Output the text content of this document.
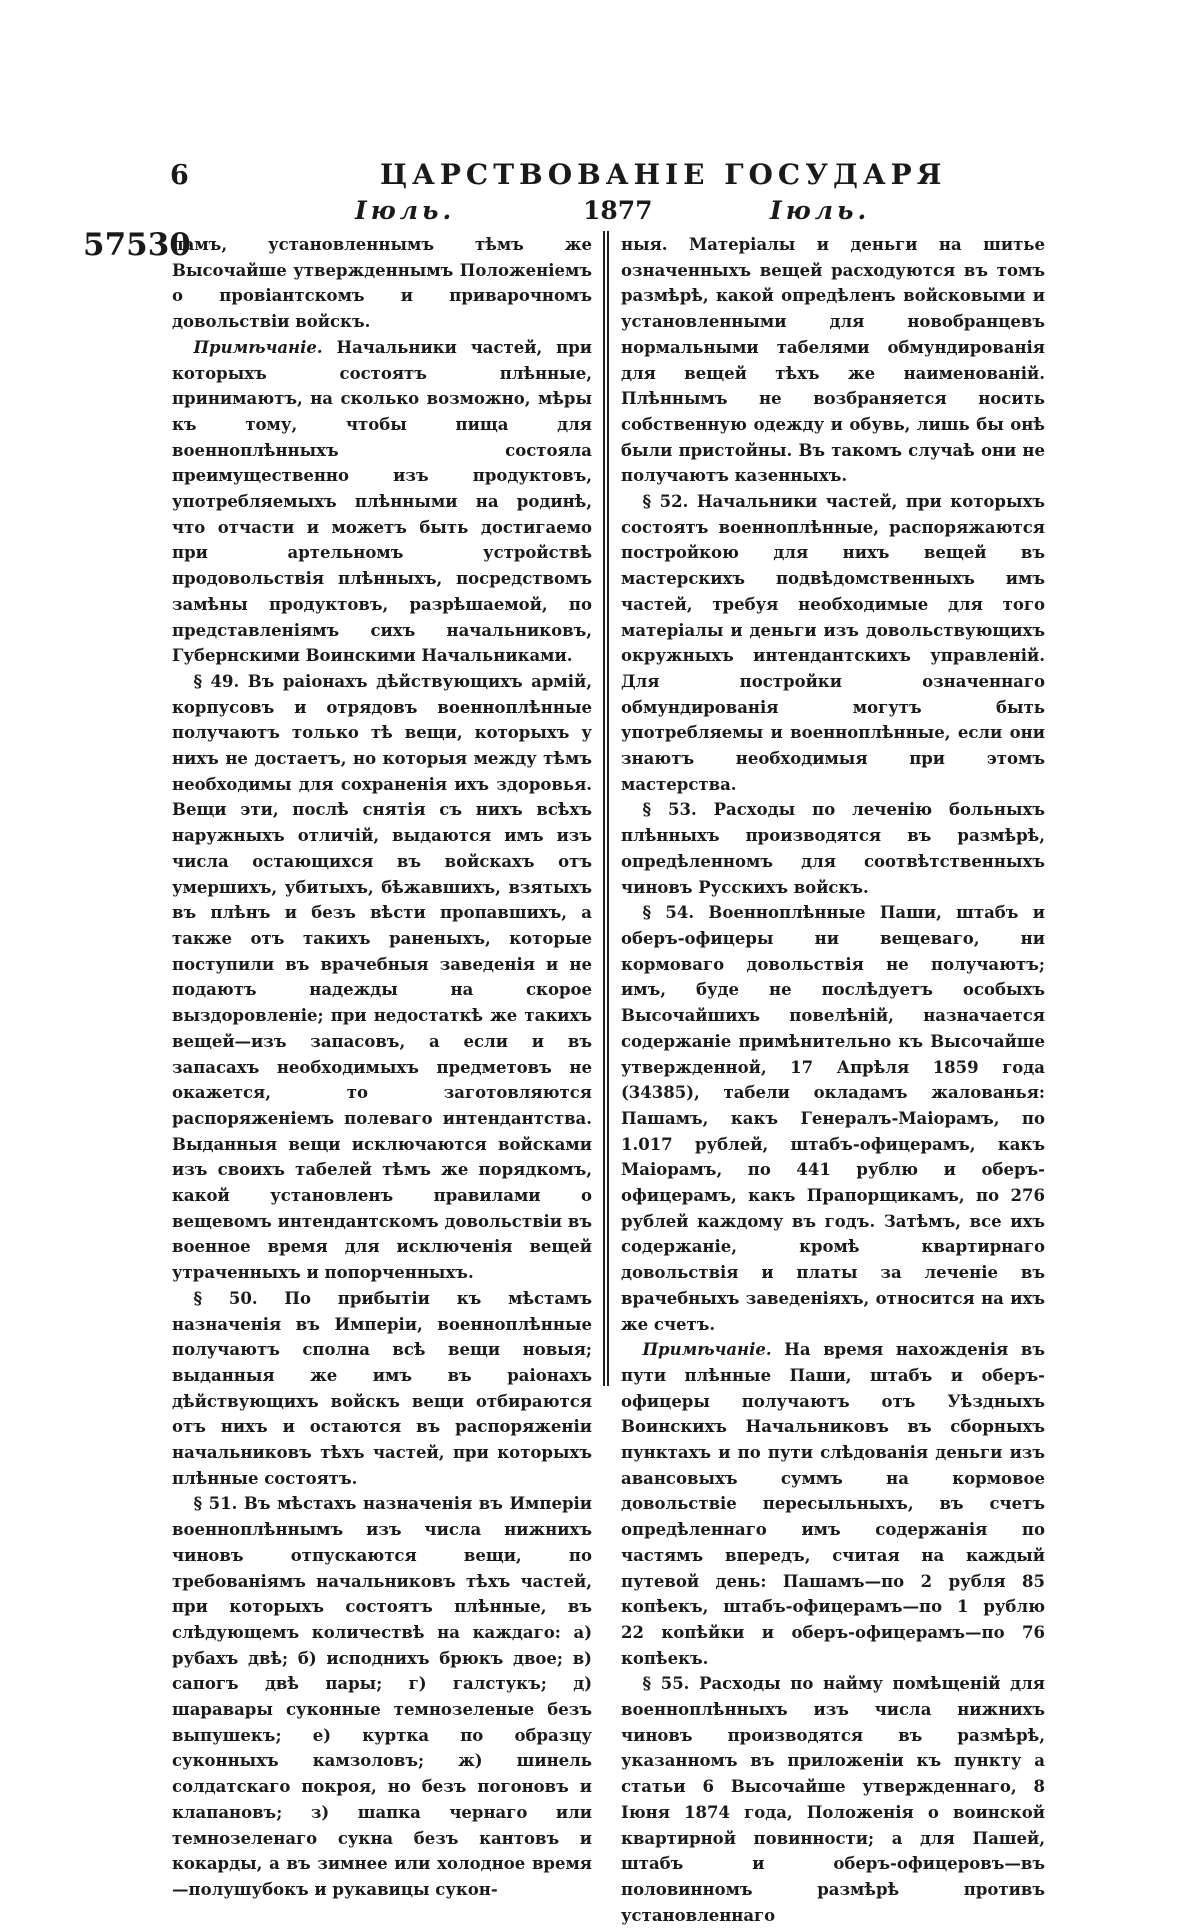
6	ЦАРСТВОВАНІЕ ГОСУДАРЯ
Іюль.	1877	Іюль.
57530

ламъ, установленнымъ тѣмъ же Высочайше утвержденнымъ Положеніемъ о провіантскомъ и приварочномъ довольствіи войскъ.

Примѣчаніе. Начальники частей, при которыхъ состоятъ плѣнные, принимаютъ, на сколько возможно, мѣры къ тому, чтобы пища для военноплѣнныхъ состояла преимущественно изъ продуктовъ, употребляемыхъ плѣнными на родинѣ, что отчасти и можетъ быть достигаемо при артельномъ устройствѣ продовольствія плѣнныхъ, посредствомъ замѣны продуктовъ, разрѣшаемой, по представленіямъ сихъ начальниковъ, Губернскими Воинскими Начальниками.

§ 49. Въ раіонахъ дѣйствующихъ армій, корпусовъ и отрядовъ военноплѣнные получаютъ только тѣ вещи, которыхъ у нихъ не достаетъ, но которыя между тѣмъ необходимы для сохраненія ихъ здоровья. Вещи эти, послѣ снятія съ нихъ всѣхъ наружныхъ отличій, выдаются имъ изъ числа остающихся въ войскахъ отъ умершихъ, убитыхъ, бѣжавшихъ, взятыхъ въ плѣнъ и безъ вѣсти пропавшихъ, а также отъ такихъ раненыхъ, которые поступили въ врачебныя заведенія и не подаютъ надежды на скорое выздоровленіе; при недостаткѣ же такихъ вещей—изъ запасовъ, а если и въ запасахъ необходимыхъ предметовъ не окажется, то заготовляются распоряженіемъ полеваго интендантства. Выданныя вещи исключаются войсками изъ своихъ табелей тѣмъ же порядкомъ, какой установленъ правилами о вещевомъ интендантскомъ довольствіи въ военное время для исключенія вещей утраченныхъ и попорченныхъ.

§ 50. По прибытіи къ мѣстамъ назначенія въ Имперіи, военноплѣнные получаютъ сполна всѣ вещи новыя; выданныя же имъ въ раіонахъ дѣйствующихъ войскъ вещи отбираются отъ нихъ и остаются въ распоряженіи начальниковъ тѣхъ частей, при которыхъ плѣнные состоятъ.

§ 51. Въ мѣстахъ назначенія въ Имперіи военноплѣннымъ изъ числа нижнихъ чиновъ отпускаются вещи, по требованіямъ начальниковъ тѣхъ частей, при которыхъ состоятъ плѣнные, въ слѣдующемъ количествѣ на каждаго: а) рубахъ двѣ; б) исподнихъ брюкъ двое; в) сапогъ двѣ пары; г) галстукъ; д) шаравары суконные темнозеленые безъ выпушекъ; е) куртка по образцу суконныхъ камзоловъ; ж) шинель солдатскаго покроя, но безъ погоновъ и клапановъ; з) шапка чернаго или темнозеленаго сукна безъ кантовъ и кокарды, а въ зимнее или холодное время—полушубокъ и рукавицы сукон-

ныя. Матеріалы и деньги на шитье означенныхъ вещей расходуются въ томъ размѣрѣ, какой опредѣленъ войсковыми и установленными для новобранцевъ нормальными табелями обмундированія для вещей тѣхъ же наименованій. Плѣннымъ не возбраняется носить собственную одежду и обувь, лишь бы онѣ были пристойны. Въ такомъ случаѣ они не получаютъ казенныхъ.

§ 52. Начальники частей, при которыхъ состоятъ военноплѣнные, распоряжаются постройкою для нихъ вещей въ мастерскихъ подвѣдомственныхъ имъ частей, требуя необходимые для того матеріалы и деньги изъ довольствующихъ окружныхъ интендантскихъ управленій. Для постройки означеннаго обмундированія могутъ быть употребляемы и военноплѣнные, если они знаютъ необходимыя при этомъ мастерства.

§ 53. Расходы по леченію больныхъ плѣнныхъ производятся въ размѣрѣ, опредѣленномъ для соотвѣтственныхъ чиновъ Русскихъ войскъ.

§ 54. Военноплѣнные Паши, штабъ и оберъ-офицеры ни вещеваго, ни кормоваго довольствія не получаютъ; имъ, буде не послѣдуетъ особыхъ Высочайшихъ повелѣній, назначается содержаніе примѣнительно къ Высочайше утвержденной, 17 Апрѣля 1859 года (34385), табели окладамъ жалованья: Пашамъ, какъ Генералъ-Маіорамъ, по 1.017 рублей, штабъ-офицерамъ, какъ Маіорамъ, по 441 рублю и оберъ-офицерамъ, какъ Прапорщикамъ, по 276 рублей каждому въ годъ. Затѣмъ, все ихъ содержаніе, кромѣ квартирнаго довольствія и платы за леченіе въ врачебныхъ заведеніяхъ, относится на ихъ же счетъ.

Примѣчаніе. На время нахожденія въ пути плѣнные Паши, штабъ и оберъ-офицеры получаютъ отъ Уѣздныхъ Воинскихъ Начальниковъ въ сборныхъ пунктахъ и по пути слѣдованія деньги изъ авансовыхъ суммъ на кормовое довольствіе пересыльныхъ, въ счетъ опредѣленнаго имъ содержанія по частямъ впередъ, считая на каждый путевой день: Пашамъ—по 2 рубля 85 копѣекъ, штабъ-офицерамъ—по 1 рублю 22 копѣйки и оберъ-офицерамъ—по 76 копѣекъ.

§ 55. Расходы по найму помѣщеній для военноплѣнныхъ изъ числа нижнихъ чиновъ производятся въ размѣрѣ, указанномъ въ приложеніи къ пункту а статьи 6 Высочайше утвержденнаго, 8 Іюня 1874 года, Положенія о воинской квартирной повинности; а для Пашей, штабъ и оберъ-офицеровъ—въ половинномъ размѣрѣ противъ установленнаго
